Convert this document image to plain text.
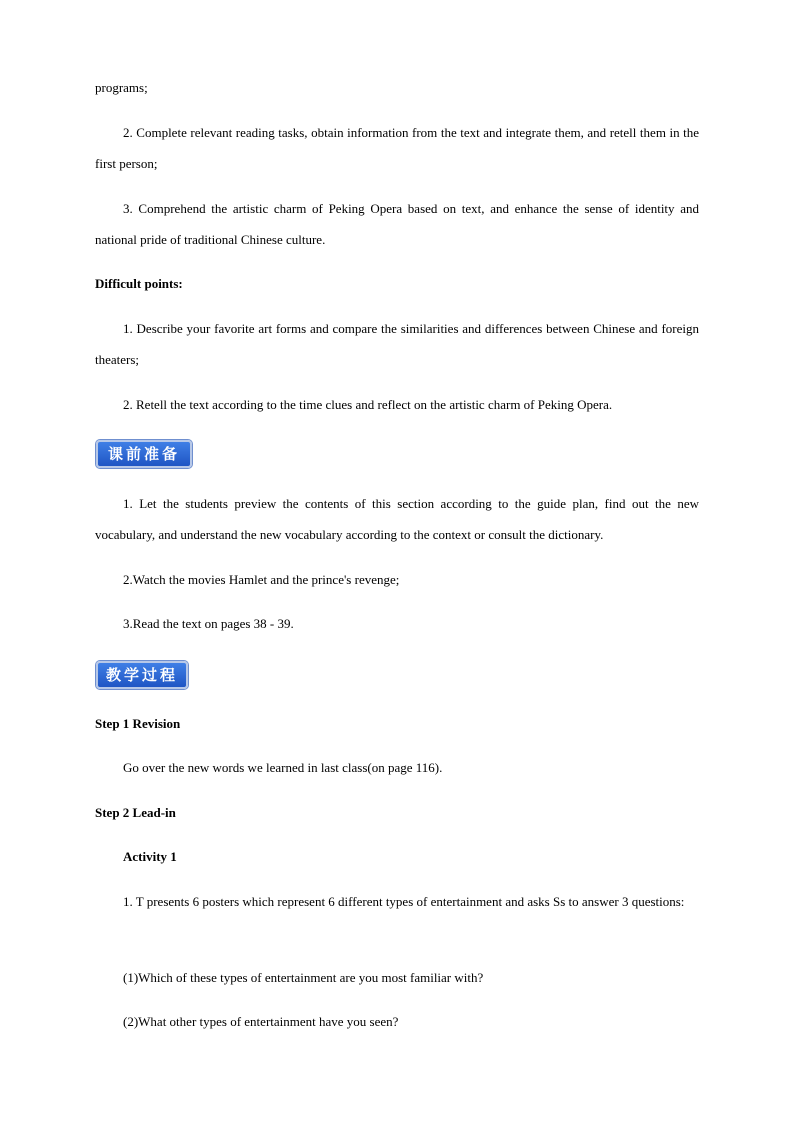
programs;

2. Complete relevant reading tasks, obtain information from the text and integrate them, and retell them in the first person;

3. Comprehend the artistic charm of Peking Opera based on text, and enhance the sense of identity and national pride of traditional Chinese culture.

Difficult points:

1. Describe your favorite art forms and compare the similarities and differences between Chinese and foreign theaters;

2. Retell the text according to the time clues and reflect on the artistic charm of Peking Opera.

课前准备

1. Let the students preview the contents of this section according to the guide plan, find out the new vocabulary, and understand the new vocabulary according to the context or consult the dictionary.

2.Watch the movies Hamlet and the prince's revenge;

3.Read the text on pages 38 - 39.

教学过程

Step 1 Revision

Go over the new words we learned in last class(on page 116).

Step 2 Lead-in

Activity 1

1. T presents 6 posters which represent 6 different types of entertainment and asks Ss to answer 3 questions:

(1)Which of these types of entertainment are you most familiar with?

(2)What other types of entertainment have you seen?
